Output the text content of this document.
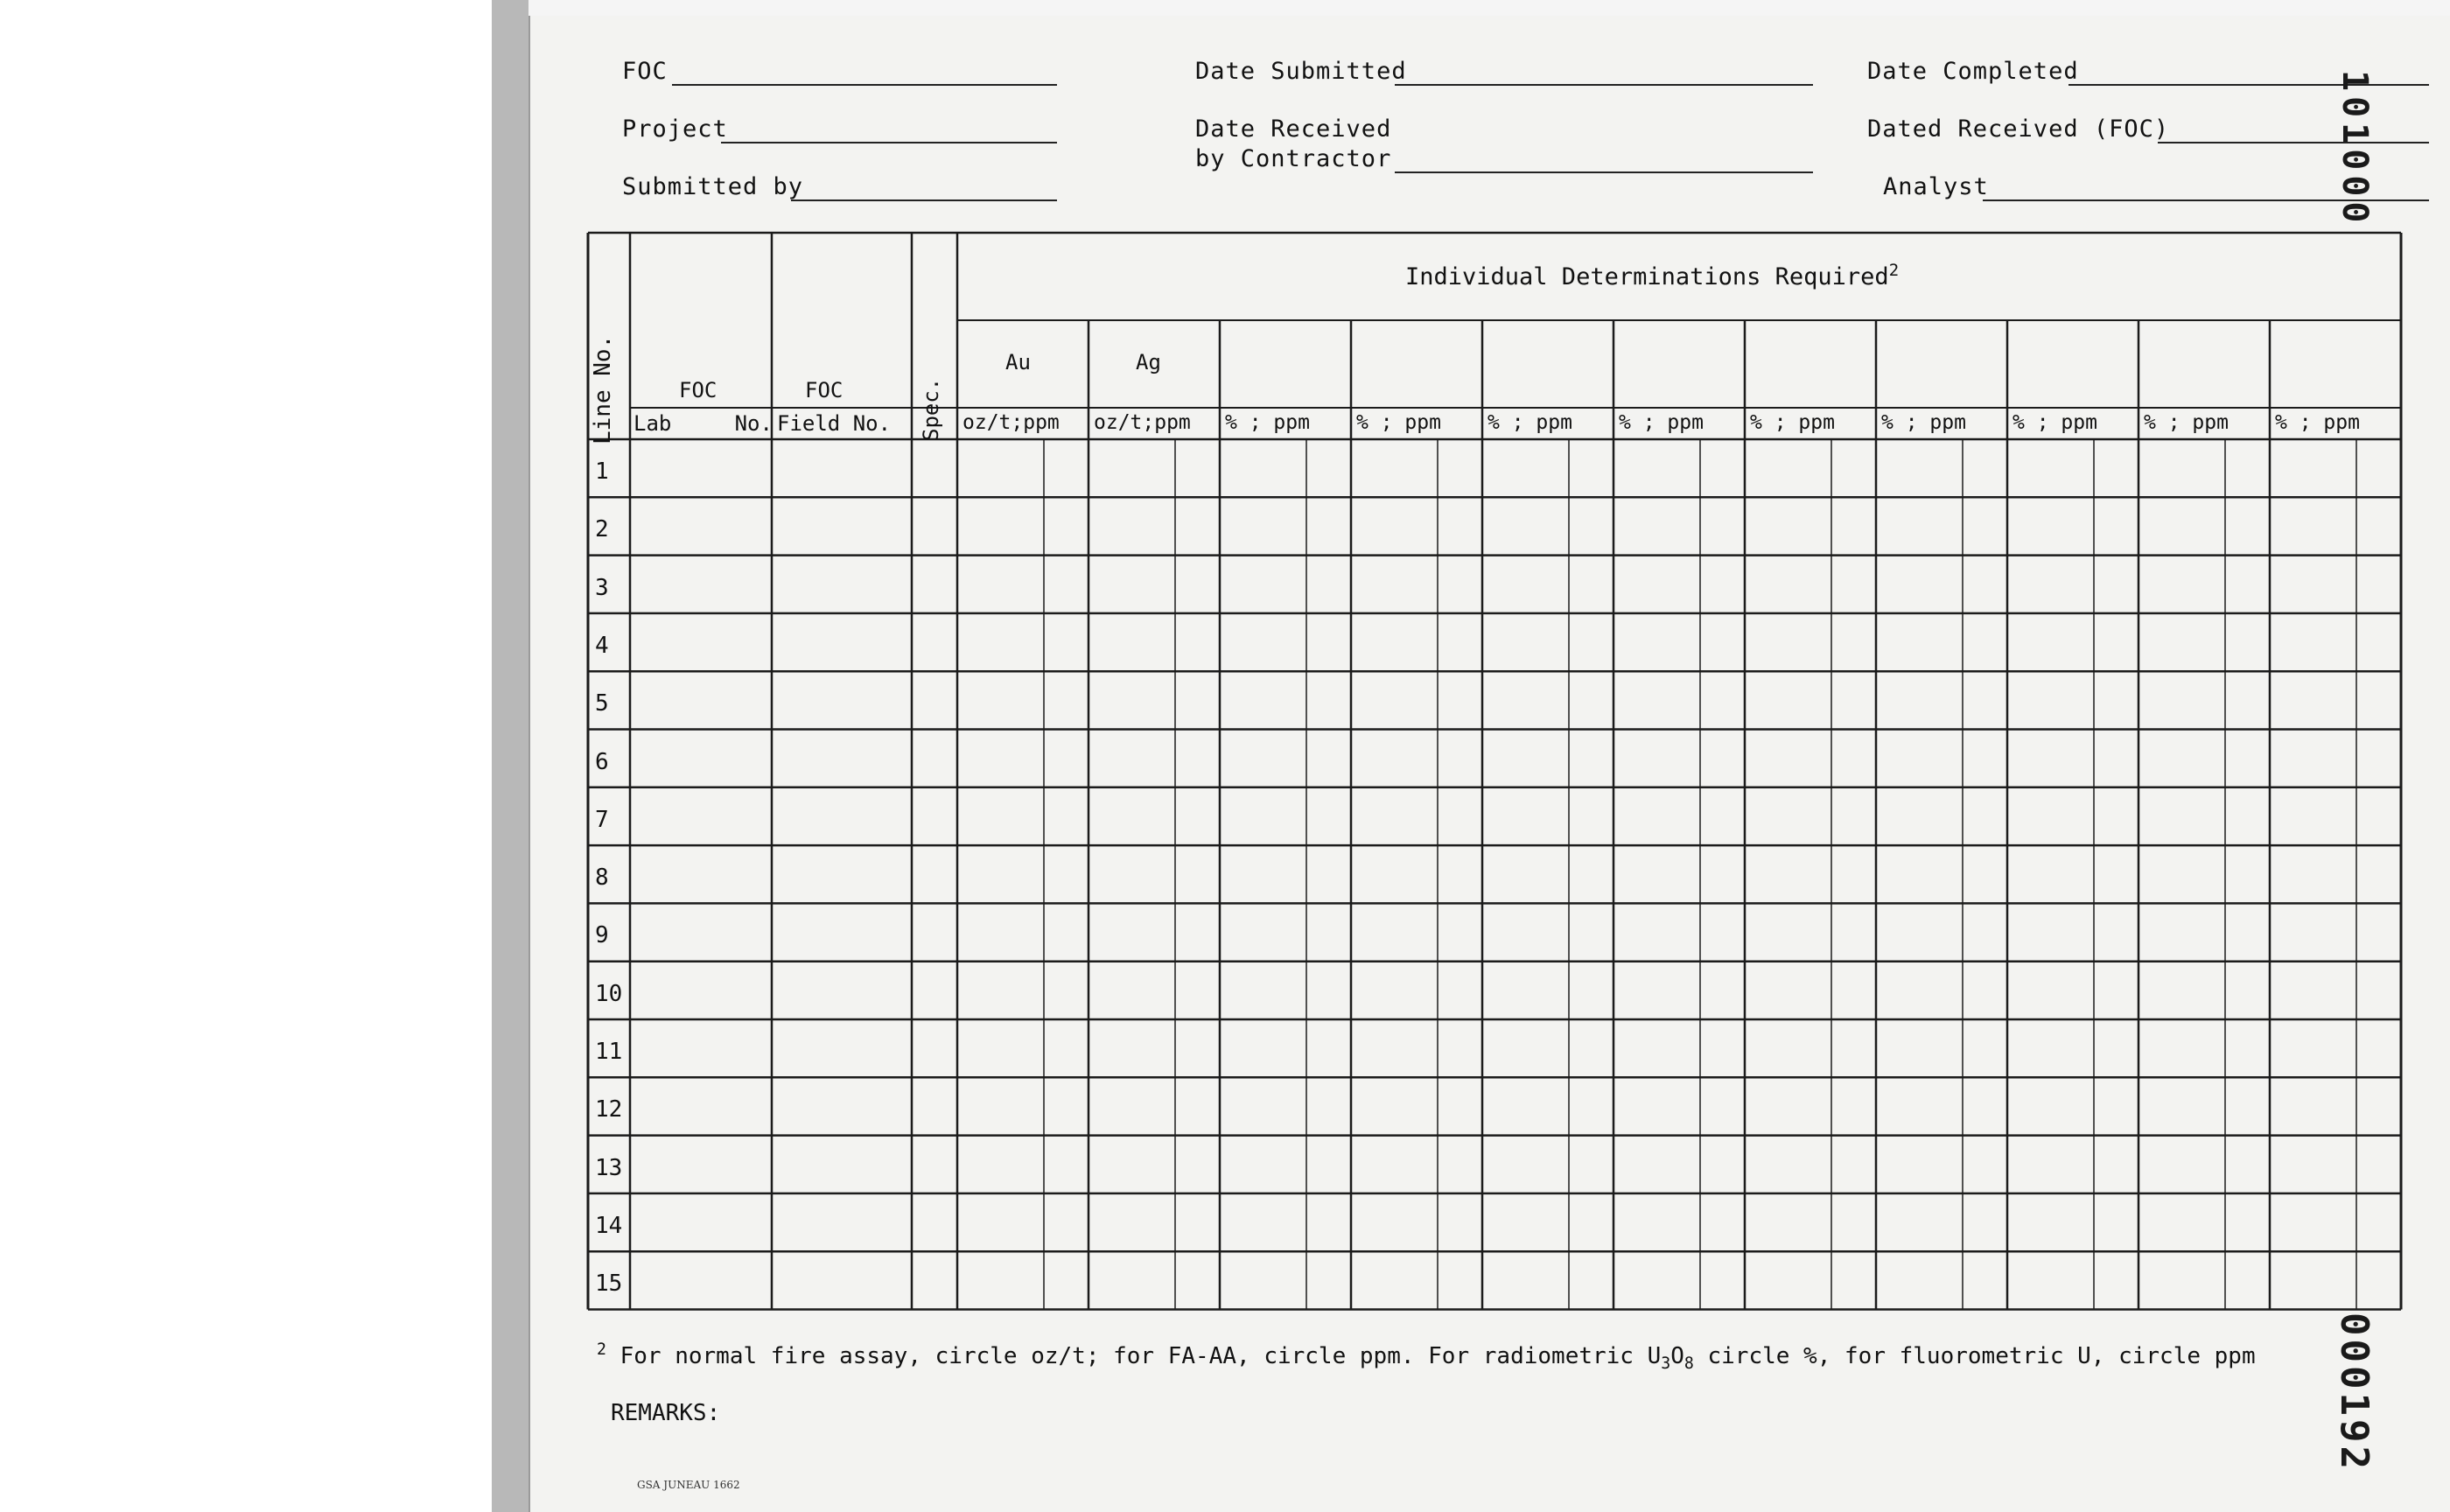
FOC
Project
Submitted by
Date Submitted
Date Received
by Contractor
Date Completed
Dated Received (FOC)
Analyst
Individual Determinations Required$^2$
Line No.	Spec.
FOC
Lab     No.
FOC
Field No.
Au	Ag
oz/t;ppm oz/t;ppm % ; ppm % ; ppm % ; ppm % ; ppm % ; ppm % ; ppm % ; ppm % ; ppm % ; ppm
1
2
3
4
5
6
7
8
9
10
11
12
13
14
15
$^2$ For normal fire assay, circle oz/t; for FA-AA, circle ppm. For radiometric $U_3O_8$ circle %, for fluorometric U, circle ppm
REMARKS:
GSA JUNEAU 1662
101000
000192
